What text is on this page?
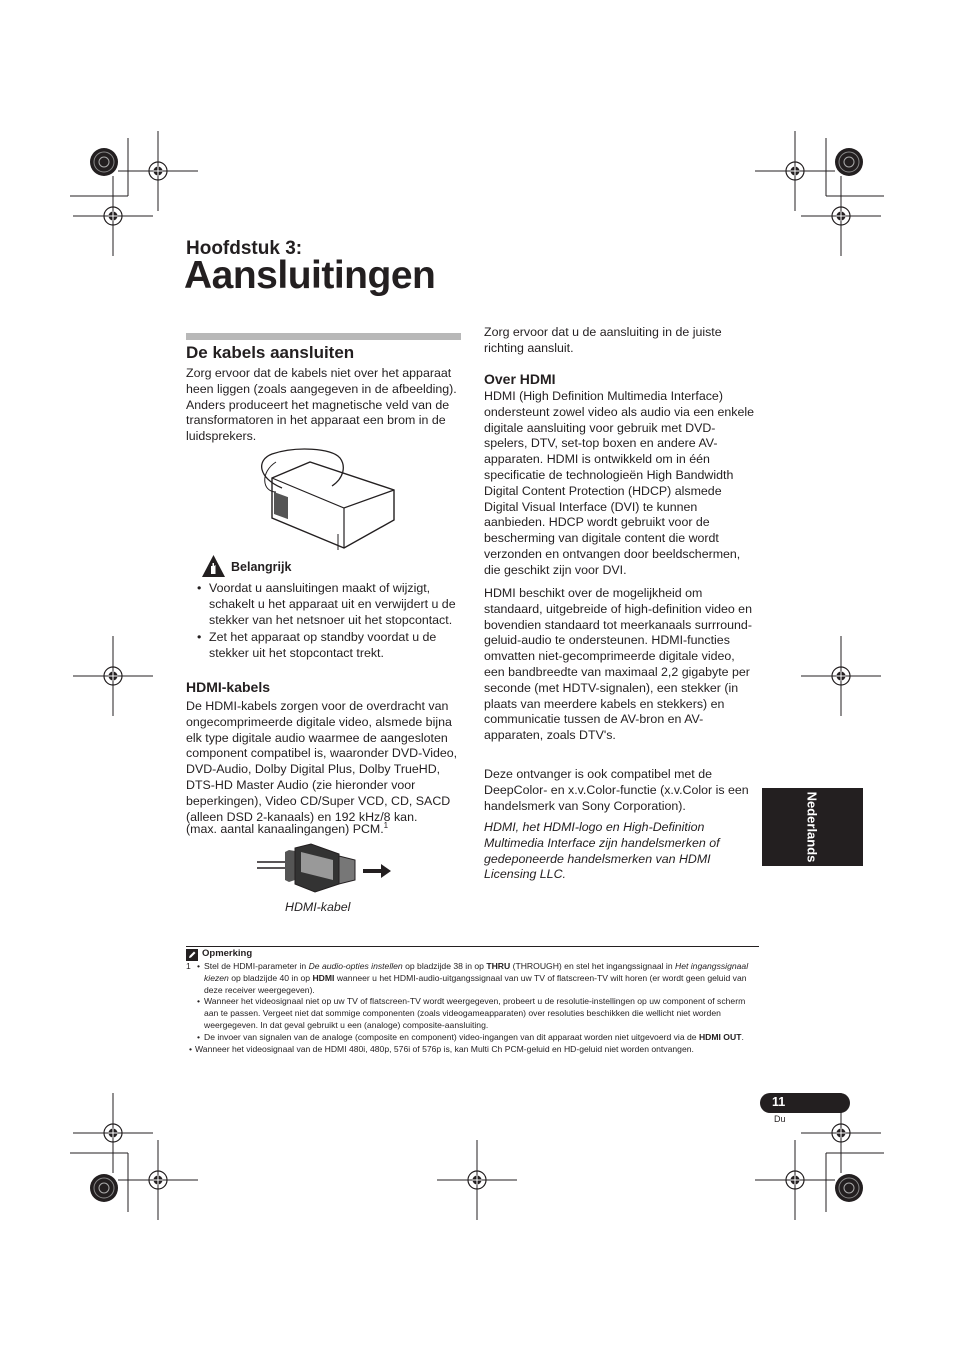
Hoofdstuk 3:
Aansluitingen
De kabels aansluiten
Zorg ervoor dat de kabels niet over het apparaat heen liggen (zoals aangegeven in de afbeelding). Anders produceert het magnetische veld van de transformatoren in het apparaat een brom in de luidsprekers.
Belangrijk
• Voordat u aansluitingen maakt of wijzigt, schakelt u het apparaat uit en verwijdert u de stekker van het netsnoer uit het stopcontact.
• Zet het apparaat op standby voordat u de stekker uit het stopcontact trekt.
HDMI-kabels
De HDMI-kabels zorgen voor de overdracht van ongecomprimeerde digitale video, alsmede bijna elk type digitale audio waarmee de aangesloten component compatibel is, waaronder DVD-Video, DVD-Audio, Dolby Digital Plus, Dolby TrueHD, DTS-HD Master Audio (zie hieronder voor beperkingen), Video CD/Super VCD, CD, SACD (alleen DSD 2-kanaals) en 192 kHz/8 kan.
(max. aantal kanaalingangen) PCM.$^1$
HDMI-kabel
Zorg ervoor dat u de aansluiting in de juiste richting aansluit.
Over HDMI
HDMI (High Definition Multimedia Interface) ondersteunt zowel video als audio via een enkele digitale aansluiting voor gebruik met DVD-spelers, DTV, set-top boxen en andere AV-apparaten. HDMI is ontwikkeld om in één specificatie de technologieën High Bandwidth Digital Content Protection (HDCP) alsmede Digital Visual Interface (DVI) te kunnen aanbieden. HDCP wordt gebruikt voor de bescherming van digitale content die wordt verzonden en ontvangen door beeldschermen, die geschikt zijn voor DVI.
HDMI beschikt over de mogelijkheid om standaard, uitgebreide of high-definition video en bovendien standaard tot meerkanaals surrroundgeluid-audio te ondersteunen. HDMI-functies omvatten niet-gecomprimeerde digitale video, een bandbreedte van maximaal 2,2 gigabyte per seconde (met HDTV-signalen), een stekker (in plaats van meerdere kabels en stekkers) en communicatie tussen de AV-bron en AV-apparaten, zoals DTV's.
Deze ontvanger is ook compatibel met de DeepColor- en x.v.Color-functie (x.v.Color is een handelsmerk van Sony Corporation).
HDMI, het HDMI-logo en High-Definition Multimedia Interface zijn handelsmerken of gedeponeerde handelsmerken van HDMI Licensing LLC.
Nederlands
Opmerking
1 • Stel de HDMI-parameter in De audio-opties instellen op bladzijde 38 in op THRU (THROUGH) en stel het ingangssignaal in Het ingangssignaal kiezen op bladzijde 40 in op HDMI wanneer u het HDMI-audio-uitgangssignaal van uw TV of flatscreen-TV wilt horen (er wordt geen geluid van deze receiver weergegeven).
• Wanneer het videosignaal niet op uw TV of flatscreen-TV wordt weergegeven, probeert u de resolutie-instellingen op uw component of scherm aan te passen. Vergeet niet dat sommige componenten (zoals videogameapparaten) over resoluties beschikken die wellicht niet worden weergegeven. In dat geval gebruikt u een (analoge) composite-aansluiting.
• De invoer van signalen van de analoge (composite en component) video-ingangen van dit apparaat worden niet uitgevoerd via de HDMI OUT.
• Wanneer het videosignaal van de HDMI 480i, 480p, 576i of 576p is, kan Multi Ch PCM-geluid en HD-geluid niet worden ontvangen.
11
Du
